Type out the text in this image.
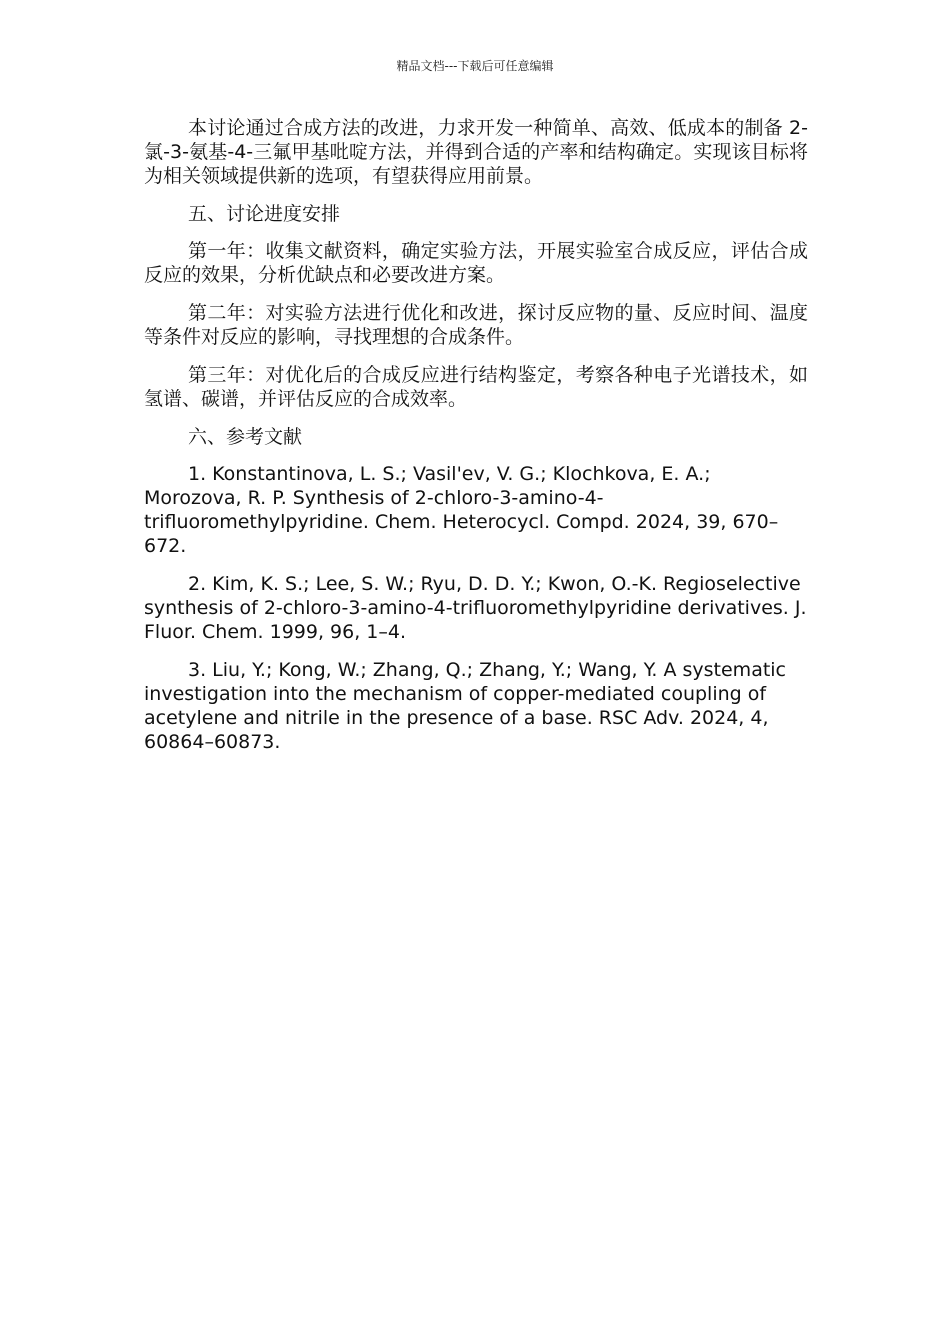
精品文档---下载后可任意编辑

本讨论通过合成方法的改进，力求开发一种简单、高效、低成本的制备 2-氯-3-氨基-4-三氟甲基吡啶方法，并得到合适的产率和结构确定。实现该目标将为相关领域提供新的选项，有望获得应用前景。

五、讨论进度安排

第一年：收集文献资料，确定实验方法，开展实验室合成反应，评估合成反应的效果，分析优缺点和必要改进方案。

第二年：对实验方法进行优化和改进，探讨反应物的量、反应时间、温度等条件对反应的影响，寻找理想的合成条件。

第三年：对优化后的合成反应进行结构鉴定，考察各种电子光谱技术，如氢谱、碳谱，并评估反应的合成效率。

六、参考文献

1. Konstantinova, L. S.; Vasil'ev, V. G.; Klochkova, E. A.; Morozova, R. P. Synthesis of 2-chloro-3-amino-4-trifluoromethylpyridine. Chem. Heterocycl. Compd. 2024, 39, 670–672.

2. Kim, K. S.; Lee, S. W.; Ryu, D. D. Y.; Kwon, O.-K. Regioselective synthesis of 2-chloro-3-amino-4-trifluoromethylpyridine derivatives. J. Fluor. Chem. 1999, 96, 1–4.

3. Liu, Y.; Kong, W.; Zhang, Q.; Zhang, Y.; Wang, Y. A systematic investigation into the mechanism of copper-mediated coupling of acetylene and nitrile in the presence of a base. RSC Adv. 2024, 4, 60864–60873.
